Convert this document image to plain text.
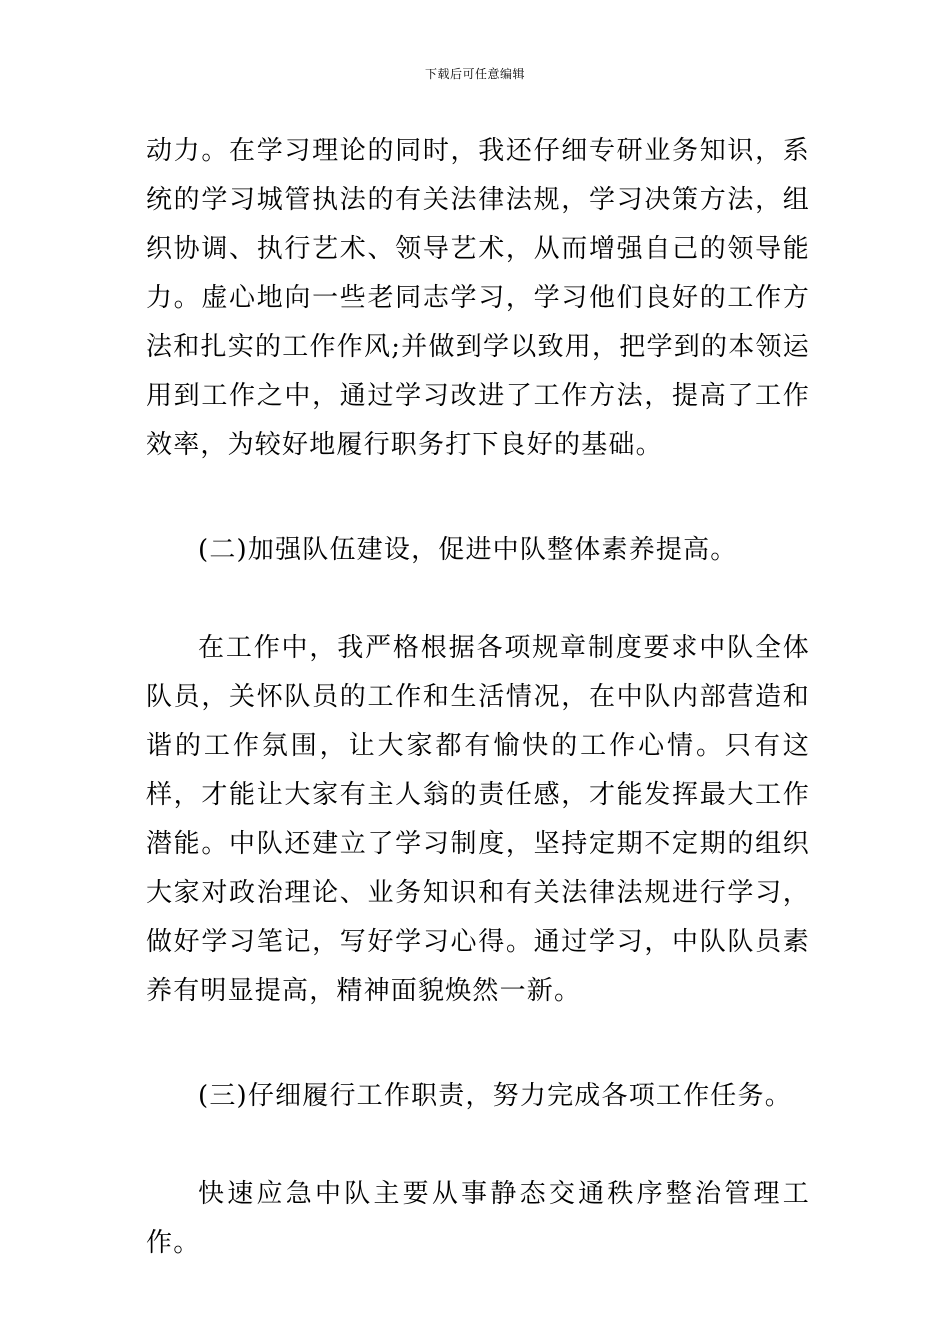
下载后可任意编辑

动力。在学习理论的同时，我还仔细专研业务知识，系统的学习城管执法的有关法律法规，学习决策方法，组织协调、执行艺术、领导艺术，从而增强自己的领导能力。虚心地向一些老同志学习，学习他们良好的工作方法和扎实的工作作风;并做到学以致用，把学到的本领运用到工作之中，通过学习改进了工作方法，提高了工作效率，为较好地履行职务打下良好的基础。

(二)加强队伍建设，促进中队整体素养提高。

在工作中，我严格根据各项规章制度要求中队全体队员，关怀队员的工作和生活情况，在中队内部营造和谐的工作氛围，让大家都有愉快的工作心情。只有这样，才能让大家有主人翁的责任感，才能发挥最大工作潜能。中队还建立了学习制度，坚持定期不定期的组织大家对政治理论、业务知识和有关法律法规进行学习，做好学习笔记，写好学习心得。通过学习，中队队员素养有明显提高，精神面貌焕然一新。

(三)仔细履行工作职责，努力完成各项工作任务。

快速应急中队主要从事静态交通秩序整治管理工作。
